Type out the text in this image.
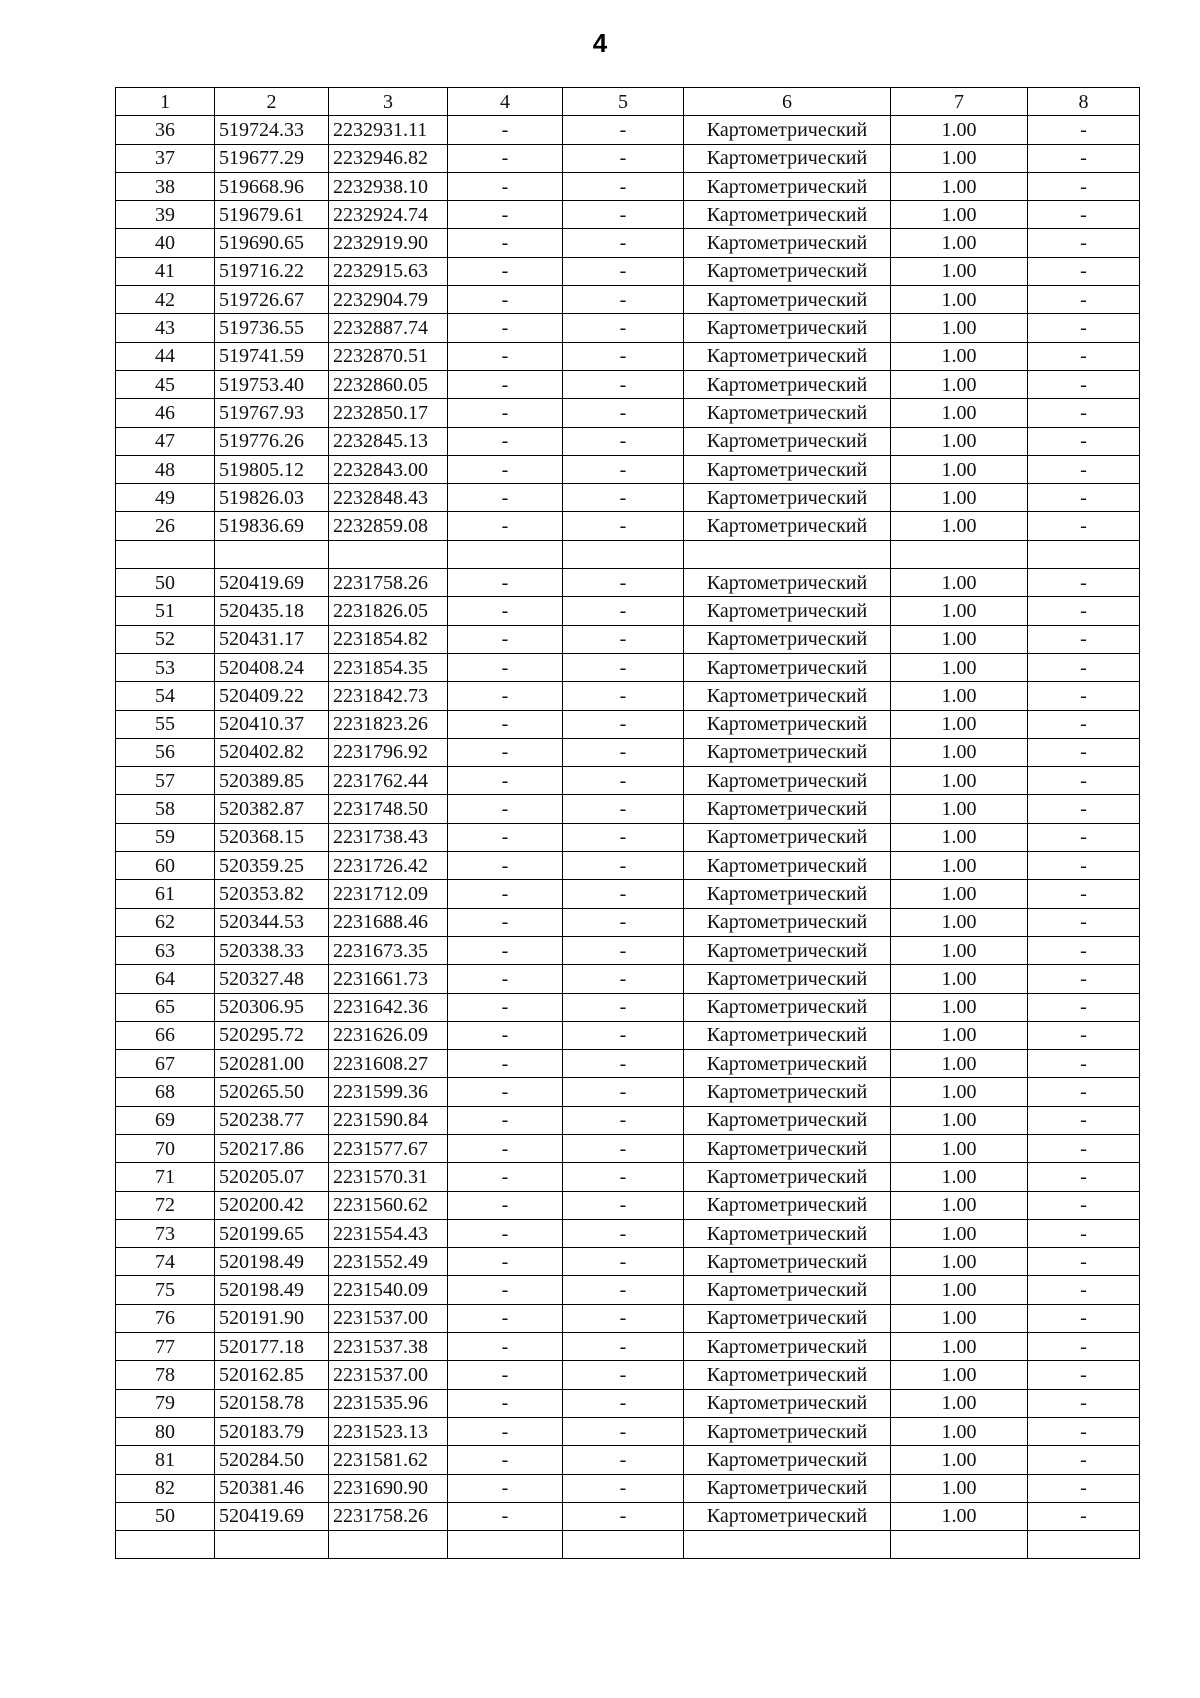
4
1	2	3	4	5	6	7	8
36	519724.33	2232931.11	-	-	Картометрический	1.00	-
37	519677.29	2232946.82	-	-	Картометрический	1.00	-
38	519668.96	2232938.10	-	-	Картометрический	1.00	-
39	519679.61	2232924.74	-	-	Картометрический	1.00	-
40	519690.65	2232919.90	-	-	Картометрический	1.00	-
41	519716.22	2232915.63	-	-	Картометрический	1.00	-
42	519726.67	2232904.79	-	-	Картометрический	1.00	-
43	519736.55	2232887.74	-	-	Картометрический	1.00	-
44	519741.59	2232870.51	-	-	Картометрический	1.00	-
45	519753.40	2232860.05	-	-	Картометрический	1.00	-
46	519767.93	2232850.17	-	-	Картометрический	1.00	-
47	519776.26	2232845.13	-	-	Картометрический	1.00	-
48	519805.12	2232843.00	-	-	Картометрический	1.00	-
49	519826.03	2232848.43	-	-	Картометрический	1.00	-
26	519836.69	2232859.08	-	-	Картометрический	1.00	-

50	520419.69	2231758.26	-	-	Картометрический	1.00	-
51	520435.18	2231826.05	-	-	Картометрический	1.00	-
52	520431.17	2231854.82	-	-	Картометрический	1.00	-
53	520408.24	2231854.35	-	-	Картометрический	1.00	-
54	520409.22	2231842.73	-	-	Картометрический	1.00	-
55	520410.37	2231823.26	-	-	Картометрический	1.00	-
56	520402.82	2231796.92	-	-	Картометрический	1.00	-
57	520389.85	2231762.44	-	-	Картометрический	1.00	-
58	520382.87	2231748.50	-	-	Картометрический	1.00	-
59	520368.15	2231738.43	-	-	Картометрический	1.00	-
60	520359.25	2231726.42	-	-	Картометрический	1.00	-
61	520353.82	2231712.09	-	-	Картометрический	1.00	-
62	520344.53	2231688.46	-	-	Картометрический	1.00	-
63	520338.33	2231673.35	-	-	Картометрический	1.00	-
64	520327.48	2231661.73	-	-	Картометрический	1.00	-
65	520306.95	2231642.36	-	-	Картометрический	1.00	-
66	520295.72	2231626.09	-	-	Картометрический	1.00	-
67	520281.00	2231608.27	-	-	Картометрический	1.00	-
68	520265.50	2231599.36	-	-	Картометрический	1.00	-
69	520238.77	2231590.84	-	-	Картометрический	1.00	-
70	520217.86	2231577.67	-	-	Картометрический	1.00	-
71	520205.07	2231570.31	-	-	Картометрический	1.00	-
72	520200.42	2231560.62	-	-	Картометрический	1.00	-
73	520199.65	2231554.43	-	-	Картометрический	1.00	-
74	520198.49	2231552.49	-	-	Картометрический	1.00	-
75	520198.49	2231540.09	-	-	Картометрический	1.00	-
76	520191.90	2231537.00	-	-	Картометрический	1.00	-
77	520177.18	2231537.38	-	-	Картометрический	1.00	-
78	520162.85	2231537.00	-	-	Картометрический	1.00	-
79	520158.78	2231535.96	-	-	Картометрический	1.00	-
80	520183.79	2231523.13	-	-	Картометрический	1.00	-
81	520284.50	2231581.62	-	-	Картометрический	1.00	-
82	520381.46	2231690.90	-	-	Картометрический	1.00	-
50	520419.69	2231758.26	-	-	Картометрический	1.00	-
